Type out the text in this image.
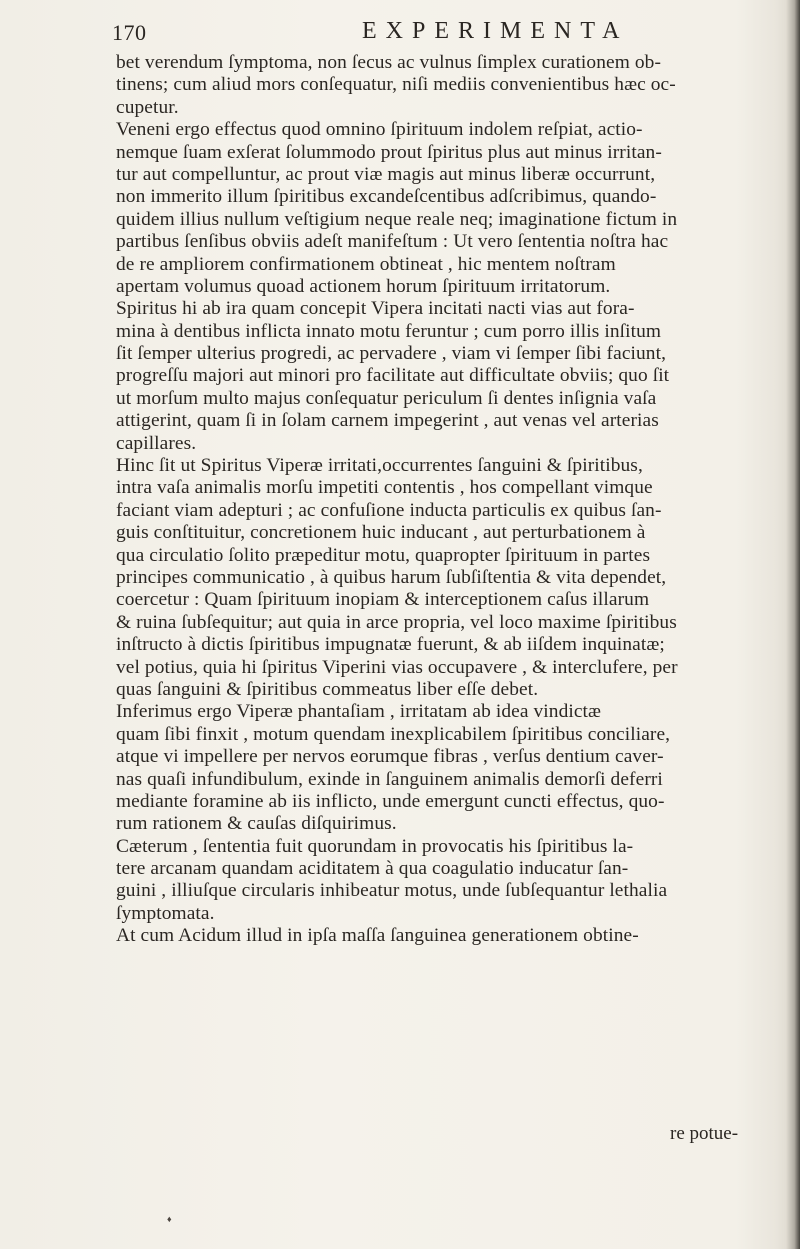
170	EXPERIMENTA
bet verendum ſymptoma, non ſecus ac vulnus ſimplex curationem ob-
tinens; cum aliud mors conſequatur, niſi mediis convenientibus hæc oc-
cupetur.
Veneni ergo effectus quod omnino ſpirituum indolem reſpiat, actio-
nemque ſuam exſerat ſolummodo prout ſpiritus plus aut minus irritan-
tur aut compelluntur, ac prout viæ magis aut minus liberæ occurrunt,
non immerito illum ſpiritibus excandeſcentibus adſcribimus, quando-
quidem illius nullum veſtigium neque reale neq; imaginatione fictum in
partibus ſenſibus obviis adeſt manifeſtum : Ut vero ſententia noſtra hac
de re ampliorem confirmationem obtineat , hic mentem noſtram
apertam volumus quoad actionem horum ſpirituum irritatorum.
Spiritus hi ab ira quam concepit Vipera incitati nacti vias aut fora-
mina à dentibus inflicta innato motu feruntur ; cum porro illis inſitum
ſit ſemper ulterius progredi, ac pervadere , viam vi ſemper ſibi faciunt,
progreſſu majori aut minori pro facilitate aut difficultate obviis; quo ſit
ut morſum multo majus conſequatur periculum ſi dentes inſignia vaſa
attigerint, quam ſi in ſolam carnem impegerint , aut venas vel arterias
capillares.
Hinc ſit ut Spiritus Viperæ irritati,occurrentes ſanguini & ſpiritibus,
intra vaſa animalis morſu impetiti contentis , hos compellant vimque
faciant viam adepturi ; ac confuſione inducta particulis ex quibus ſan-
guis conſtituitur, concretionem huic inducant , aut perturbationem à
qua circulatio ſolito præpeditur motu, quapropter ſpirituum in partes
principes communicatio , à quibus harum ſubſiſtentia & vita dependet,
coercetur : Quam ſpirituum inopiam & interceptionem caſus illarum
& ruina ſubſequitur; aut quia in arce propria, vel loco maxime ſpiritibus
inſtructo à dictis ſpiritibus impugnatæ fuerunt, & ab iiſdem inquinatæ;
vel potius, quia hi ſpiritus Viperini vias occupavere , & interclufere, per
quas ſanguini & ſpiritibus commeatus liber eſſe debet.
Inferimus ergo Viperæ phantaſiam , irritatam ab idea vindictæ
quam ſibi finxit , motum quendam inexplicabilem ſpiritibus conciliare,
atque vi impellere per nervos eorumque fibras , verſus dentium caver-
nas quaſi infundibulum, exinde in ſanguinem animalis demorſi deferri
mediante foramine ab iis inflicto, unde emergunt cuncti effectus, quo-
rum rationem & cauſas diſquirimus.
Cæterum , ſententia fuit quorundam in provocatis his ſpiritibus la-
tere arcanam quandam aciditatem à qua coagulatio inducatur ſan-
guini , illiuſque circularis inhibeatur motus, unde ſubſequantur lethalia
ſymptomata.
At cum Acidum illud in ipſa maſſa ſanguinea generationem obtine-
re potue-
♦
